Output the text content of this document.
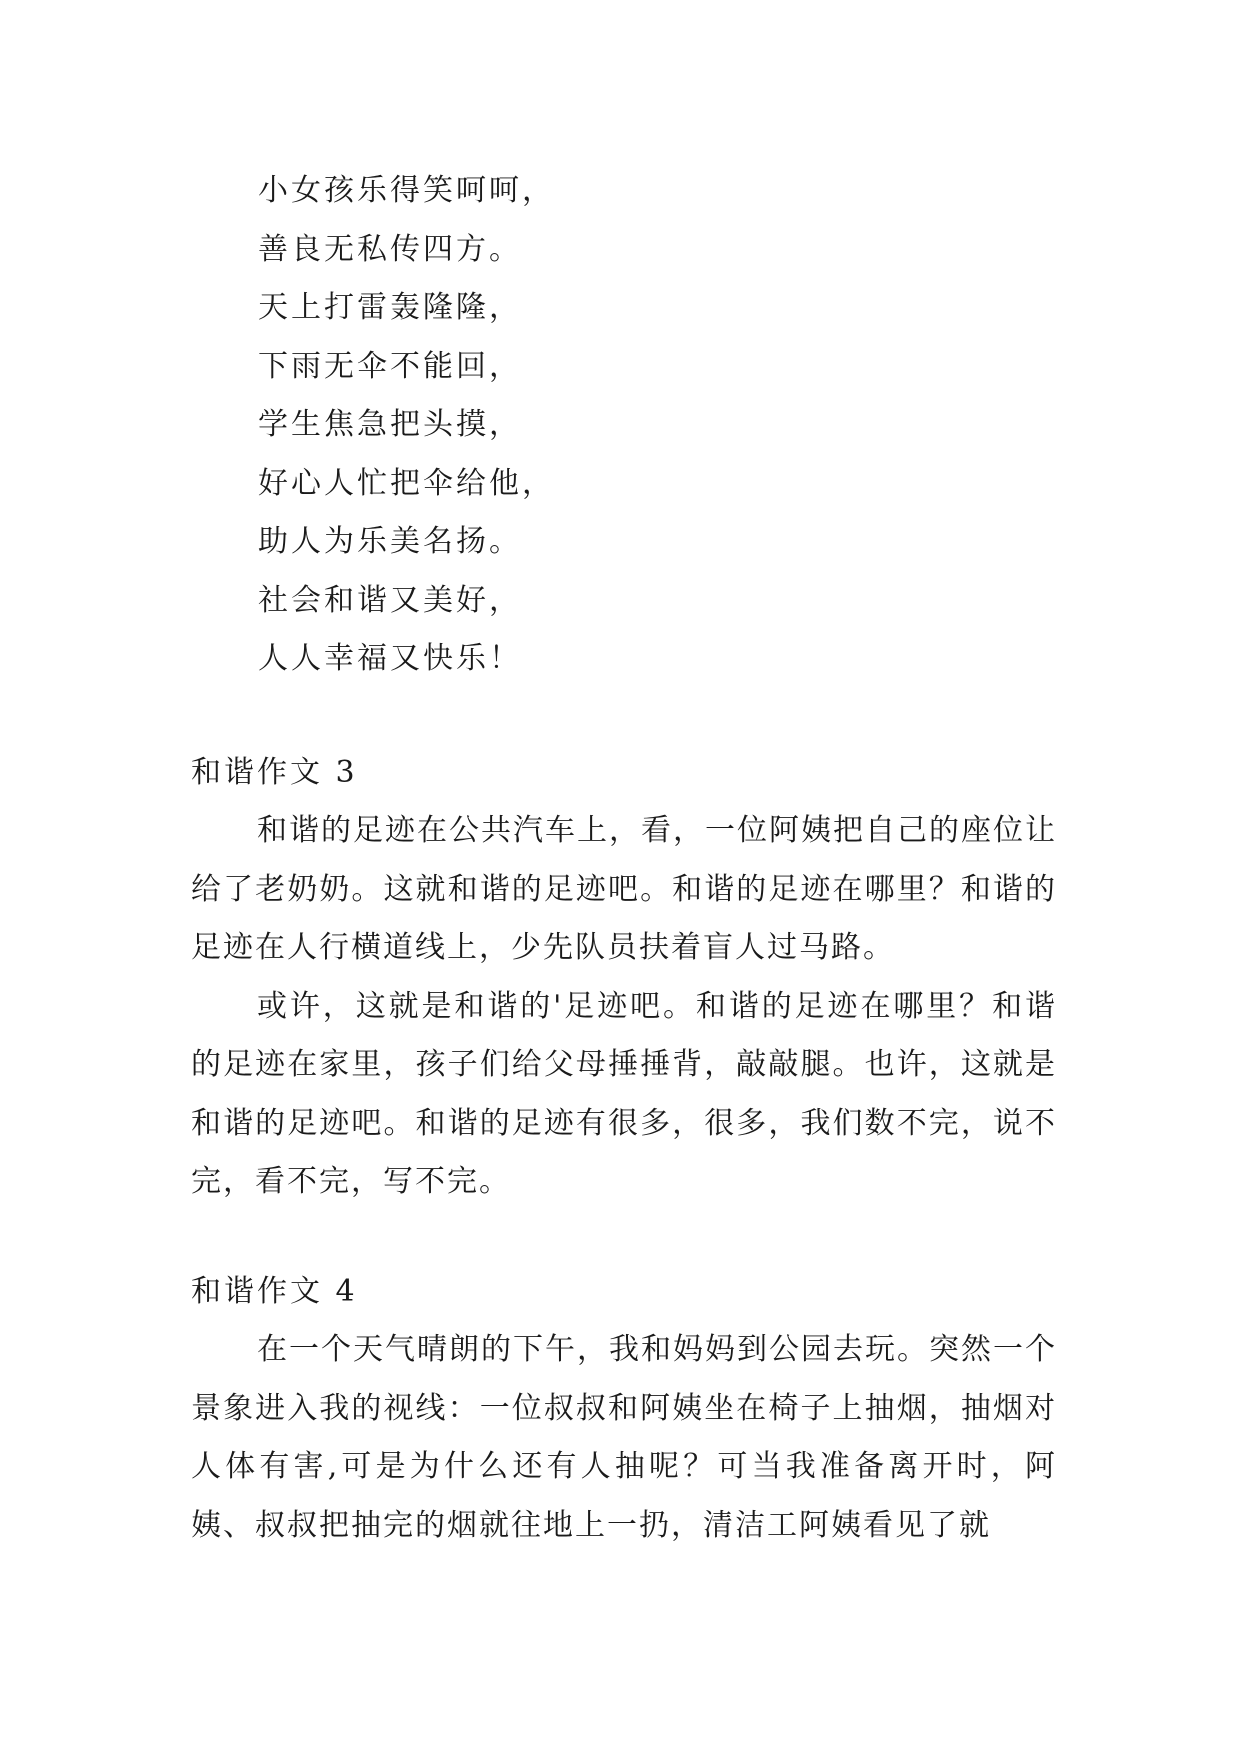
小女孩乐得笑呵呵，
善良无私传四方。
天上打雷轰隆隆，
下雨无伞不能回，
学生焦急把头摸，
好心人忙把伞给他，
助人为乐美名扬。
社会和谐又美好，
人人幸福又快乐！
和谐作文 3

和谐的足迹在公共汽车上，看，一位阿姨把自己的座位让给了老奶奶。这就和谐的足迹吧。和谐的足迹在哪里？和谐的足迹在人行横道线上，少先队员扶着盲人过马路。

或许，这就是和谐的'足迹吧。和谐的足迹在哪里？和谐的足迹在家里，孩子们给父母捶捶背，敲敲腿。也许，这就是和谐的足迹吧。和谐的足迹有很多，很多，我们数不完，说不完，看不完，写不完。

和谐作文 4

在一个天气晴朗的下午，我和妈妈到公园去玩。突然一个景象进入我的视线：一位叔叔和阿姨坐在椅子上抽烟，抽烟对人体有害,可是为什么还有人抽呢？可当我准备离开时，阿姨、叔叔把抽完的烟就往地上一扔，清洁工阿姨看见了就
